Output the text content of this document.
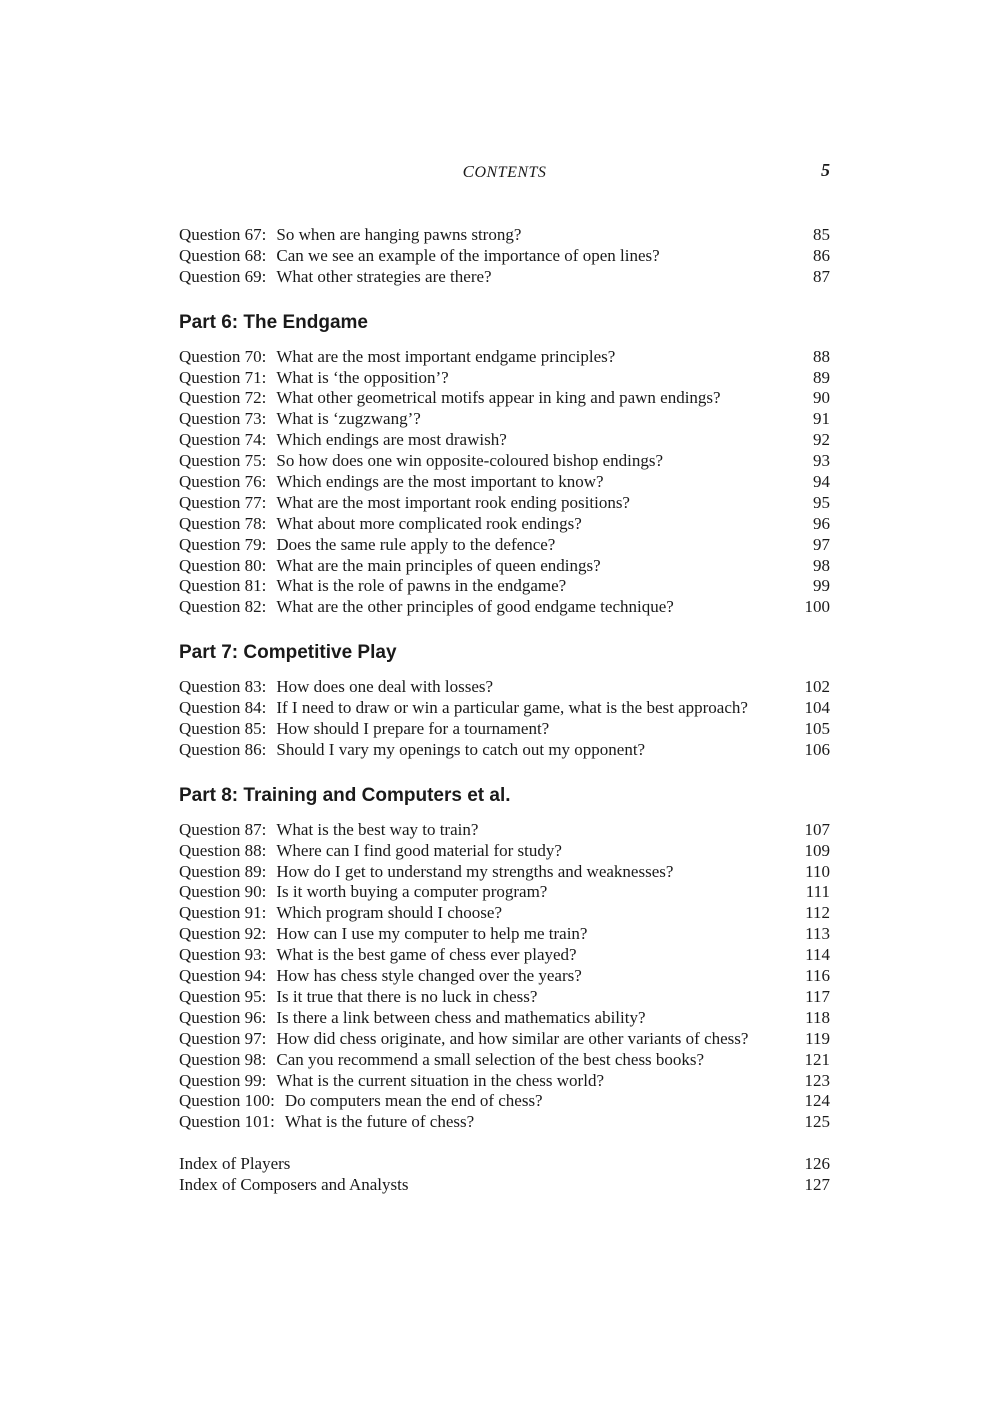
CONTENTS	5
Question 67: So when are hanging pawns strong?	85
Question 68: Can we see an example of the importance of open lines?	86
Question 69: What other strategies are there?	87
Part 6: The Endgame
Question 70: What are the most important endgame principles?	88
Question 71: What is ‘the opposition’?	89
Question 72: What other geometrical motifs appear in king and pawn endings?	90
Question 73: What is ‘zugzwang’?	91
Question 74: Which endings are most drawish?	92
Question 75: So how does one win opposite-coloured bishop endings?	93
Question 76: Which endings are the most important to know?	94
Question 77: What are the most important rook ending positions?	95
Question 78: What about more complicated rook endings?	96
Question 79: Does the same rule apply to the defence?	97
Question 80: What are the main principles of queen endings?	98
Question 81: What is the role of pawns in the endgame?	99
Question 82: What are the other principles of good endgame technique?	100
Part 7: Competitive Play
Question 83: How does one deal with losses?	102
Question 84: If I need to draw or win a particular game, what is the best approach?	104
Question 85: How should I prepare for a tournament?	105
Question 86: Should I vary my openings to catch out my opponent?	106
Part 8: Training and Computers et al.
Question 87: What is the best way to train?	107
Question 88: Where can I find good material for study?	109
Question 89: How do I get to understand my strengths and weaknesses?	110
Question 90: Is it worth buying a computer program?	111
Question 91: Which program should I choose?	112
Question 92: How can I use my computer to help me train?	113
Question 93: What is the best game of chess ever played?	114
Question 94: How has chess style changed over the years?	116
Question 95: Is it true that there is no luck in chess?	117
Question 96: Is there a link between chess and mathematics ability?	118
Question 97: How did chess originate, and how similar are other variants of chess?	119
Question 98: Can you recommend a small selection of the best chess books?	121
Question 99: What is the current situation in the chess world?	123
Question 100: Do computers mean the end of chess?	124
Question 101: What is the future of chess?	125
Index of Players	126
Index of Composers and Analysts	127
